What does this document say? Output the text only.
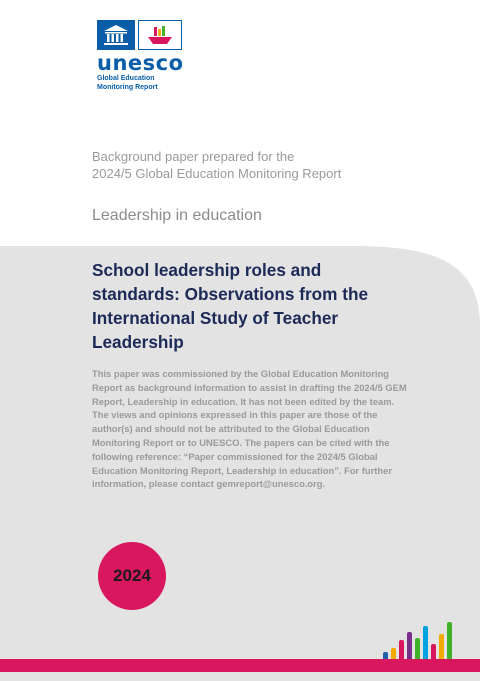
unesco
Global Education
Monitoring Report

Background paper prepared for the

2024/5 Global Education Monitoring Report

Leadership in education

School leadership roles and standards: Observations from the International Study of Teacher Leadership

This paper was commissioned by the Global Education Monitoring Report as background information to assist in drafting the 2024/5 GEM Report, Leadership in education. It has not been edited by the team. The views and opinions expressed in this paper are those of the author(s) and should not be attributed to the Global Education Monitoring Report or to UNESCO. The papers can be cited with the following reference: “Paper commissioned for the 2024/5 Global Education Monitoring Report, Leadership in education”. For further information, please contact gemreport@unesco.org.

2024
